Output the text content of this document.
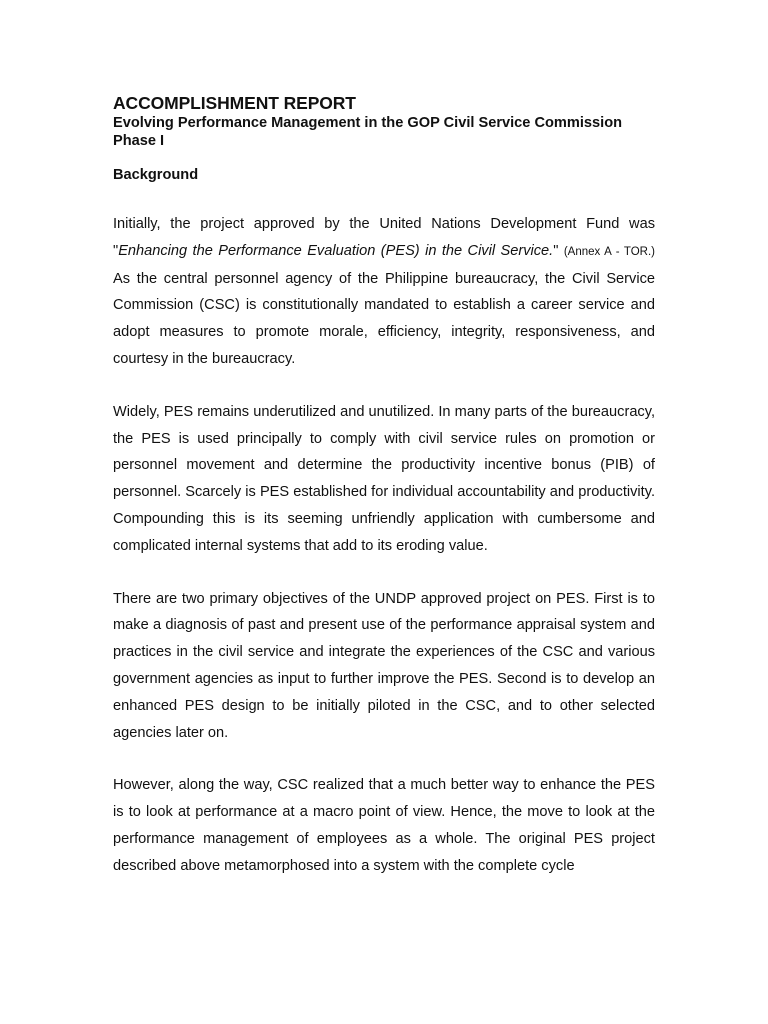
ACCOMPLISHMENT REPORT

Evolving Performance Management in the GOP Civil Service Commission
Phase I

Background

Initially, the project approved by the United Nations Development Fund was "Enhancing the Performance Evaluation (PES) in the Civil Service." (Annex A - TOR.) As the central personnel agency of the Philippine bureaucracy, the Civil Service Commission (CSC) is constitutionally mandated to establish a career service and adopt measures to promote morale, efficiency, integrity, responsiveness, and courtesy in the bureaucracy.

Widely, PES remains underutilized and unutilized. In many parts of the bureaucracy, the PES is used principally to comply with civil service rules on promotion or personnel movement and determine the productivity incentive bonus (PIB) of personnel. Scarcely is PES established for individual accountability and productivity. Compounding this is its seeming unfriendly application with cumbersome and complicated internal systems that add to its eroding value.

There are two primary objectives of the UNDP approved project on PES. First is to make a diagnosis of past and present use of the performance appraisal system and practices in the civil service and integrate the experiences of the CSC and various government agencies as input to further improve the PES. Second is to develop an enhanced PES design to be initially piloted in the CSC, and to other selected agencies later on.

However, along the way, CSC realized that a much better way to enhance the PES is to look at performance at a macro point of view. Hence, the move to look at the performance management of employees as a whole. The original PES project described above metamorphosed into a system with the complete cycle
